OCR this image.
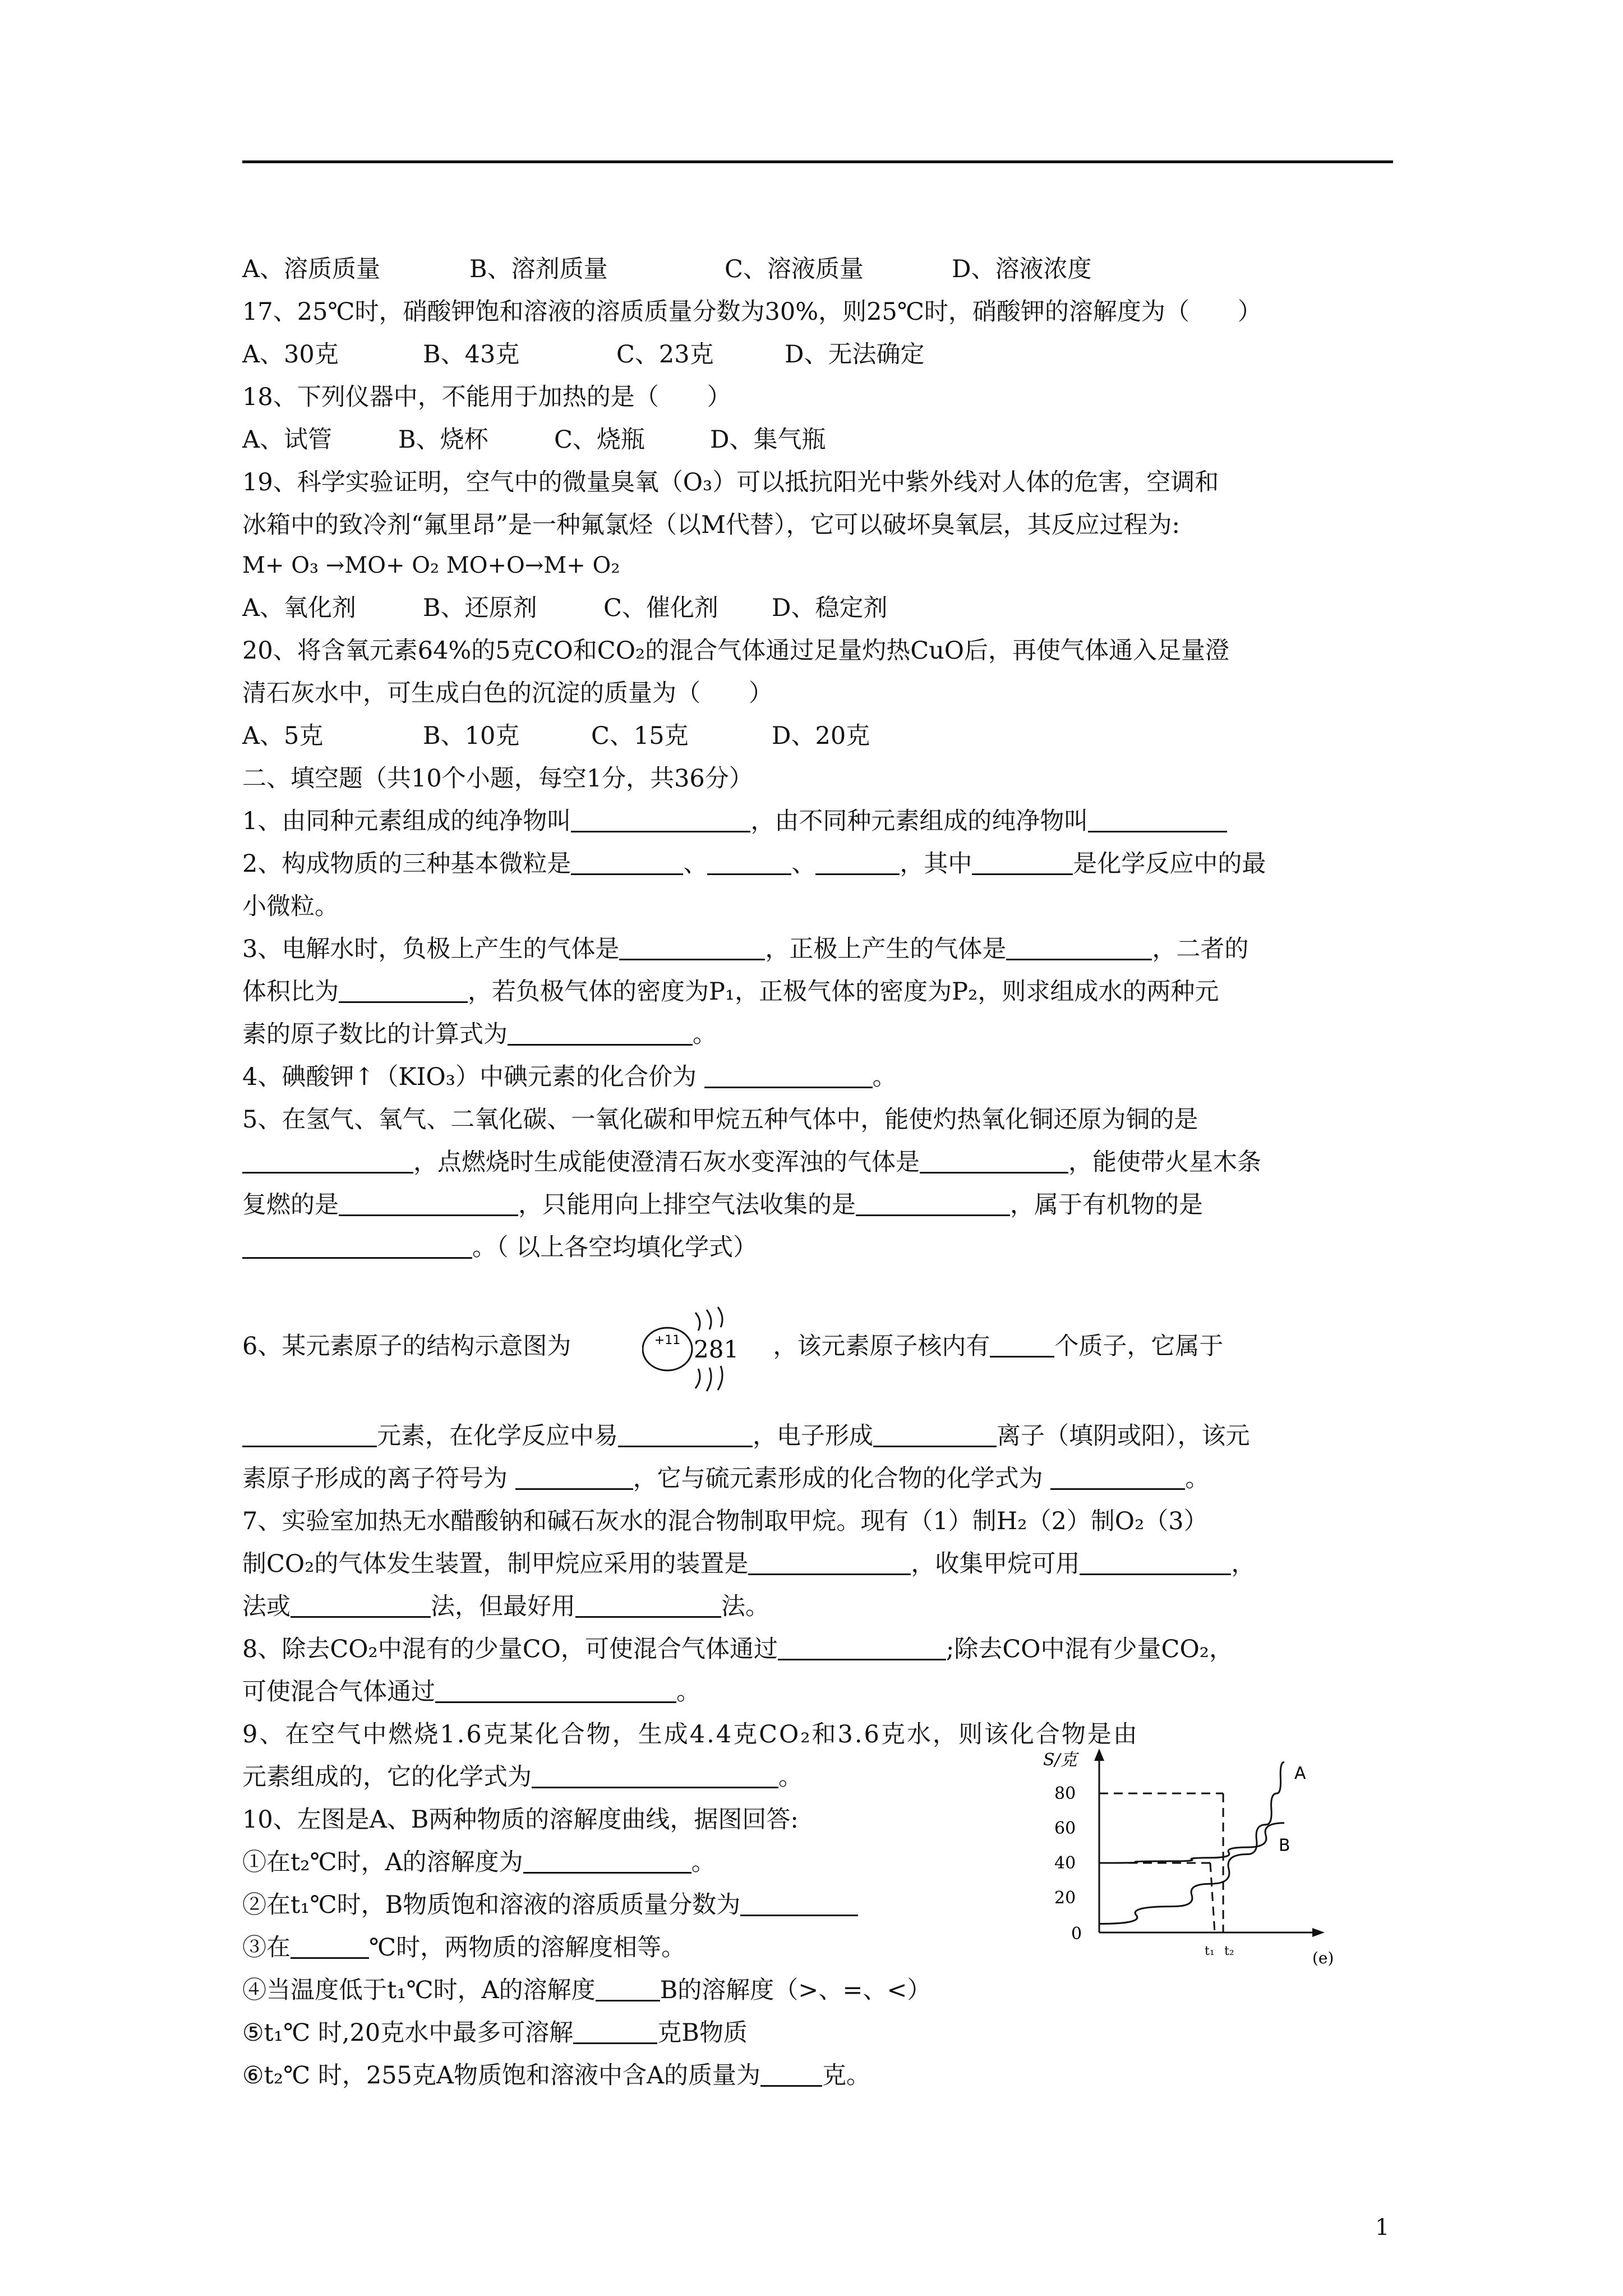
A、溶质质量	B、溶剂质量	C、溶液质量	D、溶液浓度
17、25℃时，硝酸钾饱和溶液的溶质质量分数为30%，则25℃时，硝酸钾的溶解度为（　　）
A、30克	B、43克	C、23克	D、无法确定
18、下列仪器中，不能用于加热的是（　　）
A、试管	B、烧杯	C、烧瓶	D、集气瓶
19、科学实验证明，空气中的微量臭氧（O₃）可以抵抗阳光中紫外线对人体的危害，空调和
冰箱中的致冷剂“氟里昂”是一种氟氯烃（以M代替），它可以破坏臭氧层，其反应过程为:
M+ O₃ →MO+ O₂ MO+O→M+ O₂
A、氧化剂	B、还原剂	C、催化剂 D、稳定剂
20、将含氧元素64%的5克CO和CO₂的混合气体通过足量灼热CuO后，再使气体通入足量澄
清石灰水中，可生成白色的沉淀的质量为（　　）
A、5克	B、10克	C、15克	D、20克
二、填空题（共10个小题，每空1分，共36分）
1、由同种元素组成的纯净物叫	，由不同种元素组成的纯净物叫
2、构成物质的三种基本微粒是	、	、	，其中	是化学反应中的最
小微粒。
3、电解水时，负极上产生的气体是	，正极上产生的气体是	，二者的
体积比为	，若负极气体的密度为P₁，正极气体的密度为P₂，则求组成水的两种元
素的原子数比的计算式为	。
4、碘酸钾↑（KIO₃）中碘元素的化合价为	。
5、在氢气、氧气、二氧化碳、一氧化碳和甲烷五种气体中，能使灼热氧化铜还原为铜的是
，点燃烧时生成能使澄清石灰水变浑浊的气体是	，能使带火星木条
复燃的是	，只能用向上排空气法收集的是	，属于有机物的是
。（ 以上各空均填化学式）
6、某元素原子的结构示意图为	，该元素原子核内有	个质子，它属于
+11 281
元素，在化学反应中易	，电子形成	离子（填阴或阳），该元
素原子形成的离子符号为	，它与硫元素形成的化合物的化学式为	。
7、实验室加热无水醋酸钠和碱石灰水的混合物制取甲烷。现有（1）制H₂（2）制O₂（3）
制CO₂的气体发生装置，制甲烷应采用的装置是	，收集甲烷可用	，
法或	法，但最好用	法。
8、除去CO₂中混有的少量CO，可使混合气体通过	;除去CO中混有少量CO₂，
可使混合气体通过	。
9、在空气中燃烧1.6克某化合物，生成4.4克CO₂和3.6克水，则该化合物是由
元素组成的，它的化学式为	。
10、左图是A、B两种物质的溶解度曲线，据图回答:
①在t₂℃时，A的溶解度为	。
②在t₁℃时，B物质饱和溶液的溶质质量分数为
③在	℃时，两物质的溶解度相等。
④当温度低于t₁℃时，A的溶解度	B的溶解度（>、=、<）
⑤t₁℃ 时,20克水中最多可溶解	克B物质
⑥t₂℃ 时，255克A物质饱和溶液中含A的质量为	克。
S/克
(e)
0
80
60
40
20
t₁ t₂
A
B
1
